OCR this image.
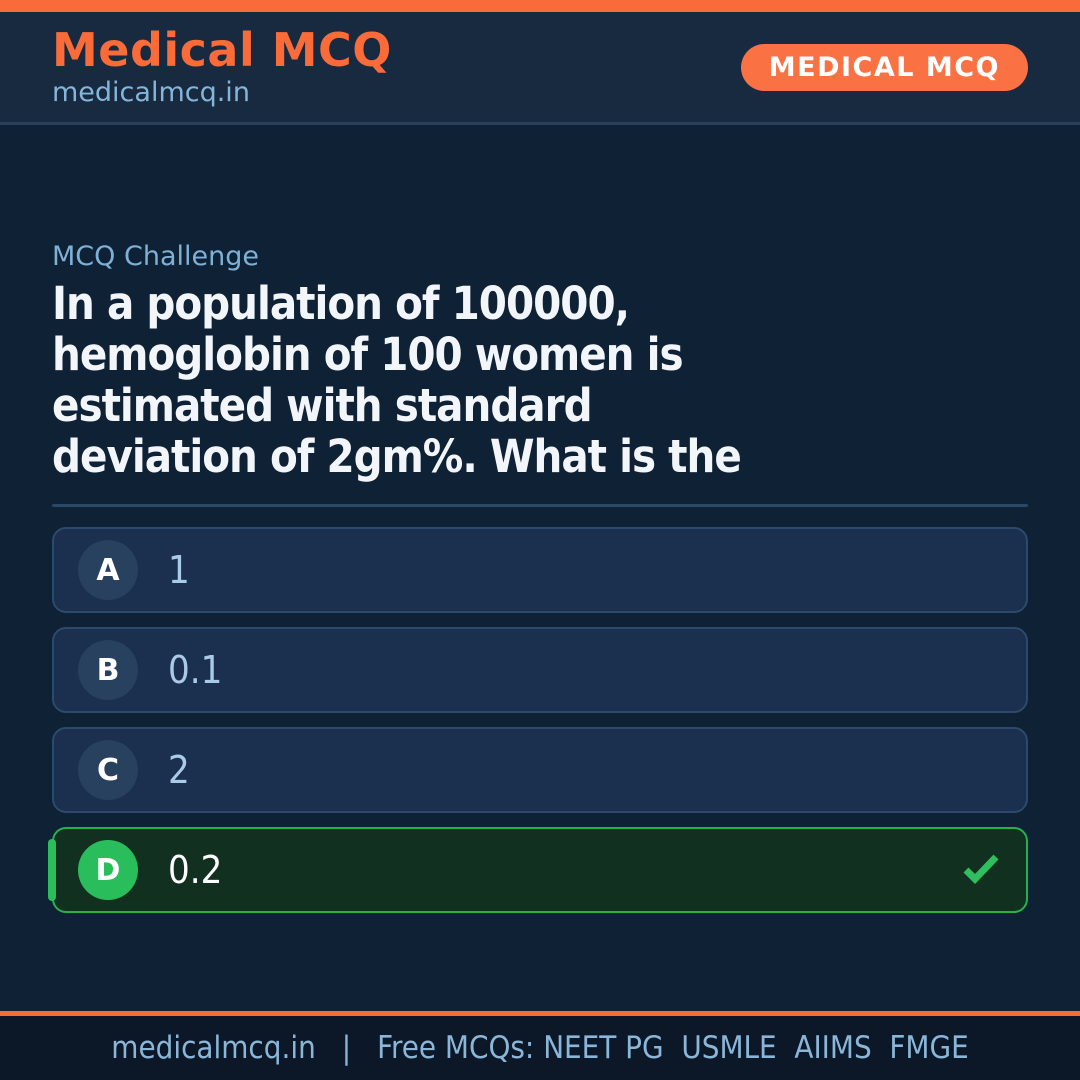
Medical MCQ
medicalmcq.in
MEDICAL MCQ
MCQ Challenge
In a population of 100000,
hemoglobin of 100 women is
estimated with standard
deviation of 2gm%. What is the
A	1
B	0.1
C	2
D	0.2
medicalmcq.in | Free MCQs: NEET PG  USMLE  AIIMS  FMGE
